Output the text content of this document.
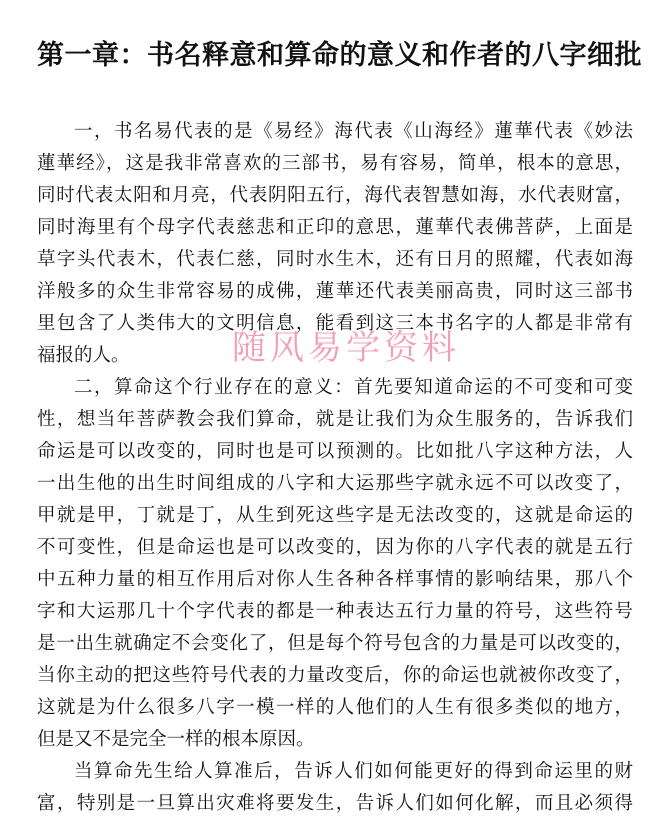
第一章：书名释意和算命的意义和作者的八字细批
一，书名易代表的是《易经》海代表《山海经》蓮華代表《妙法
蓮華经》，这是我非常喜欢的三部书，易有容易，简单，根本的意思，
同时代表太阳和月亮，代表阴阳五行，海代表智慧如海，水代表财富，
同时海里有个母字代表慈悲和正印的意思，蓮華代表佛菩萨，上面是
草字头代表木，代表仁慈，同时水生木，还有日月的照耀，代表如海
洋般多的众生非常容易的成佛，蓮華还代表美丽高贵，同时这三部书
里包含了人类伟大的文明信息，能看到这三本书名字的人都是非常有
福报的人。
二，算命这个行业存在的意义：首先要知道命运的不可变和可变
性，想当年菩萨教会我们算命，就是让我们为众生服务的，告诉我们
命运是可以改变的，同时也是可以预测的。比如批八字这种方法，人
一出生他的出生时间组成的八字和大运那些字就永远不可以改变了，
甲就是甲，丁就是丁，从生到死这些字是无法改变的，这就是命运的
不可变性，但是命运也是可以改变的，因为你的八字代表的就是五行
中五种力量的相互作用后对你人生各种各样事情的影响结果，那八个
字和大运那几十个字代表的都是一种表达五行力量的符号，这些符号
是一出生就确定不会变化了，但是每个符号包含的力量是可以改变的，
当你主动的把这些符号代表的力量改变后，你的命运也就被你改变了，
这就是为什么很多八字一模一样的人他们的人生有很多类似的地方，
但是又不是完全一样的根本原因。
当算命先生给人算准后，告诉人们如何能更好的得到命运里的财
富，特别是一旦算出灾难将要发生，告诉人们如何化解，而且必须得
随风易学资料
